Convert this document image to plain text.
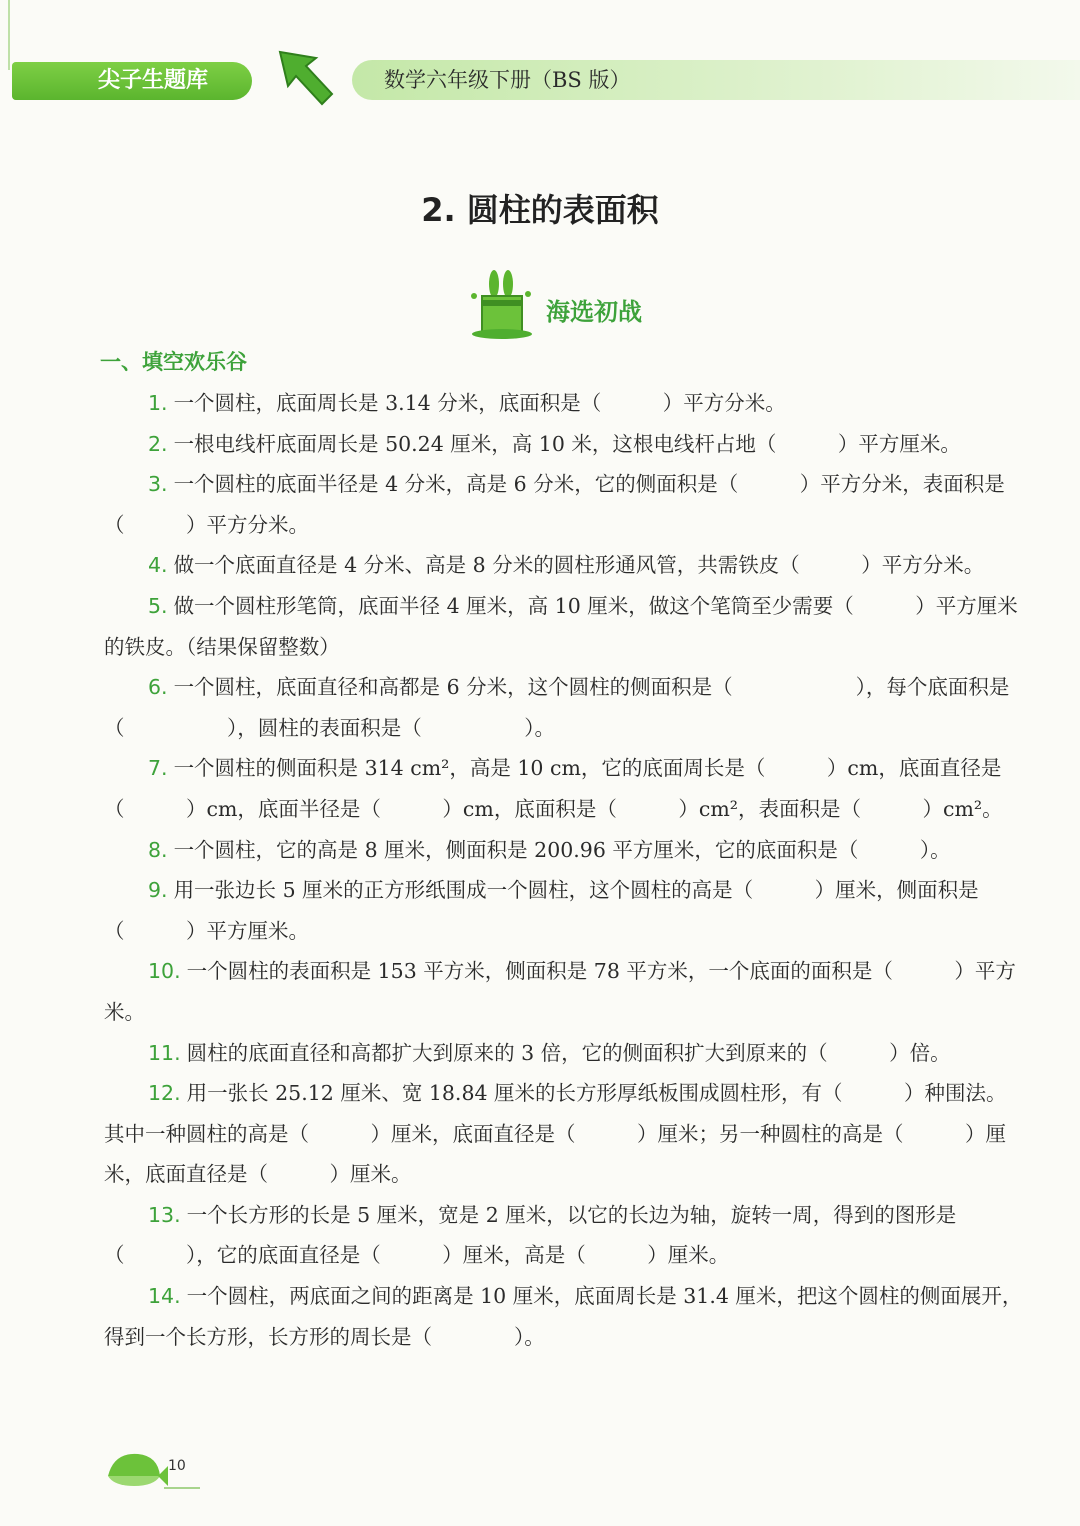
尖子生题库	数学六年级下册（BS 版）
2. 圆柱的表面积
海选初战
一、填空欢乐谷

1. 一个圆柱，底面周长是 3.14 分米，底面积是（　　　）平方分米。

2. 一根电线杆底面周长是 50.24 厘米，高 10 米，这根电线杆占地（　　　）平方厘米。

3. 一个圆柱的底面半径是 4 分米，高是 6 分米，它的侧面积是（　　　）平方分米，表面积是（　　　）平方分米。

4. 做一个底面直径是 4 分米、高是 8 分米的圆柱形通风管，共需铁皮（　　　）平方分米。

5. 做一个圆柱形笔筒，底面半径 4 厘米，高 10 厘米，做这个笔筒至少需要（　　　）平方厘米的铁皮。（结果保留整数）

6. 一个圆柱，底面直径和高都是 6 分米，这个圆柱的侧面积是（　　　　　　），每个底面积是（　　　　　），圆柱的表面积是（　　　　　）。

7. 一个圆柱的侧面积是 314 cm²，高是 10 cm，它的底面周长是（　　　）cm，底面直径是（　　　）cm，底面半径是（　　　）cm，底面积是（　　　）cm²，表面积是（　　　）cm²。

8. 一个圆柱，它的高是 8 厘米，侧面积是 200.96 平方厘米，它的底面积是（　　　）。

9. 用一张边长 5 厘米的正方形纸围成一个圆柱，这个圆柱的高是（　　　）厘米，侧面积是（　　　）平方厘米。

10. 一个圆柱的表面积是 153 平方米，侧面积是 78 平方米，一个底面的面积是（　　　）平方米。

11. 圆柱的底面直径和高都扩大到原来的 3 倍，它的侧面积扩大到原来的（　　　）倍。

12. 用一张长 25.12 厘米、宽 18.84 厘米的长方形厚纸板围成圆柱形，有（　　　）种围法。其中一种圆柱的高是（　　　）厘米，底面直径是（　　　）厘米；另一种圆柱的高是（　　　）厘米，底面直径是（　　　）厘米。

13. 一个长方形的长是 5 厘米，宽是 2 厘米，以它的长边为轴，旋转一周，得到的图形是（　　　），它的底面直径是（　　　）厘米，高是（　　　）厘米。

14. 一个圆柱，两底面之间的距离是 10 厘米，底面周长是 31.4 厘米，把这个圆柱的侧面展开，得到一个长方形，长方形的周长是（　　　　）。

10
